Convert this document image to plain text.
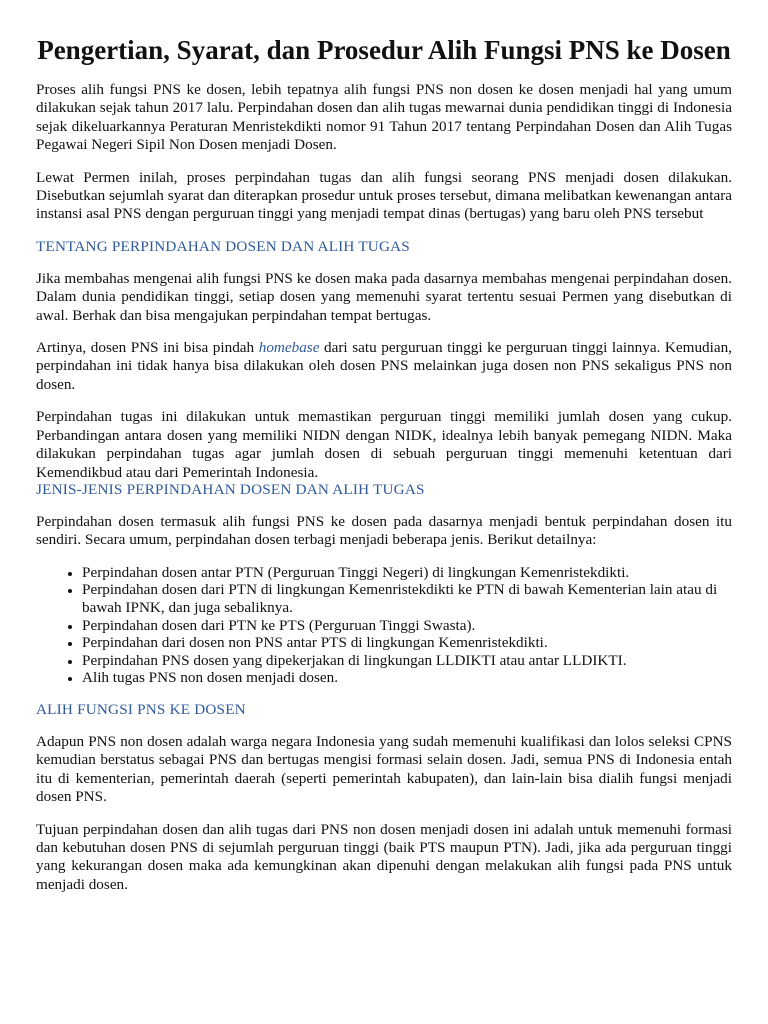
Pengertian, Syarat, dan Prosedur Alih Fungsi PNS ke Dosen

Proses alih fungsi PNS ke dosen, lebih tepatnya alih fungsi PNS non dosen ke dosen menjadi hal yang umum dilakukan sejak tahun 2017 lalu. Perpindahan dosen dan alih tugas mewarnai dunia pendidikan tinggi di Indonesia sejak dikeluarkannya Peraturan Menristekdikti nomor 91 Tahun 2017 tentang Perpindahan Dosen dan Alih Tugas Pegawai Negeri Sipil Non Dosen menjadi Dosen.

Lewat Permen inilah, proses perpindahan tugas dan alih fungsi seorang PNS menjadi dosen dilakukan. Disebutkan sejumlah syarat dan diterapkan prosedur untuk proses tersebut, dimana melibatkan kewenangan antara instansi asal PNS dengan perguruan tinggi yang menjadi tempat dinas (bertugas) yang baru oleh PNS tersebut

TENTANG PERPINDAHAN DOSEN DAN ALIH TUGAS

Jika membahas mengenai alih fungsi PNS ke dosen maka pada dasarnya membahas mengenai perpindahan dosen. Dalam dunia pendidikan tinggi, setiap dosen yang memenuhi syarat tertentu sesuai Permen yang disebutkan di awal. Berhak dan bisa mengajukan perpindahan tempat bertugas.

Artinya, dosen PNS ini bisa pindah homebase dari satu perguruan tinggi ke perguruan tinggi lainnya. Kemudian, perpindahan ini tidak hanya bisa dilakukan oleh dosen PNS melainkan juga dosen non PNS sekaligus PNS non dosen.

Perpindahan tugas ini dilakukan untuk memastikan perguruan tinggi memiliki jumlah dosen yang cukup. Perbandingan antara dosen yang memiliki NIDN dengan NIDK, idealnya lebih banyak pemegang NIDN. Maka dilakukan perpindahan tugas agar jumlah dosen di sebuah perguruan tinggi memenuhi ketentuan dari Kemendikbud atau dari Pemerintah Indonesia.

JENIS-JENIS PERPINDAHAN DOSEN DAN ALIH TUGAS

Perpindahan dosen termasuk alih fungsi PNS ke dosen pada dasarnya menjadi bentuk perpindahan dosen itu sendiri. Secara umum, perpindahan dosen terbagi menjadi beberapa jenis. Berikut detailnya:

• Perpindahan dosen antar PTN (Perguruan Tinggi Negeri) di lingkungan Kemenristekdikti.
• Perpindahan dosen dari PTN di lingkungan Kemenristekdikti ke PTN di bawah Kementerian lain atau di bawah IPNK, dan juga sebaliknya.
• Perpindahan dosen dari PTN ke PTS (Perguruan Tinggi Swasta).
• Perpindahan dari dosen non PNS antar PTS di lingkungan Kemenristekdikti.
• Perpindahan PNS dosen yang dipekerjakan di lingkungan LLDIKTI atau antar LLDIKTI.
• Alih tugas PNS non dosen menjadi dosen.
ALIH FUNGSI PNS KE DOSEN

Adapun PNS non dosen adalah warga negara Indonesia yang sudah memenuhi kualifikasi dan lolos seleksi CPNS kemudian berstatus sebagai PNS dan bertugas mengisi formasi selain dosen. Jadi, semua PNS di Indonesia entah itu di kementerian, pemerintah daerah (seperti pemerintah kabupaten), dan lain-lain bisa dialih fungsi menjadi dosen PNS.

Tujuan perpindahan dosen dan alih tugas dari PNS non dosen menjadi dosen ini adalah untuk memenuhi formasi dan kebutuhan dosen PNS di sejumlah perguruan tinggi (baik PTS maupun PTN). Jadi, jika ada perguruan tinggi yang kekurangan dosen maka ada kemungkinan akan dipenuhi dengan melakukan alih fungsi pada PNS untuk menjadi dosen.
